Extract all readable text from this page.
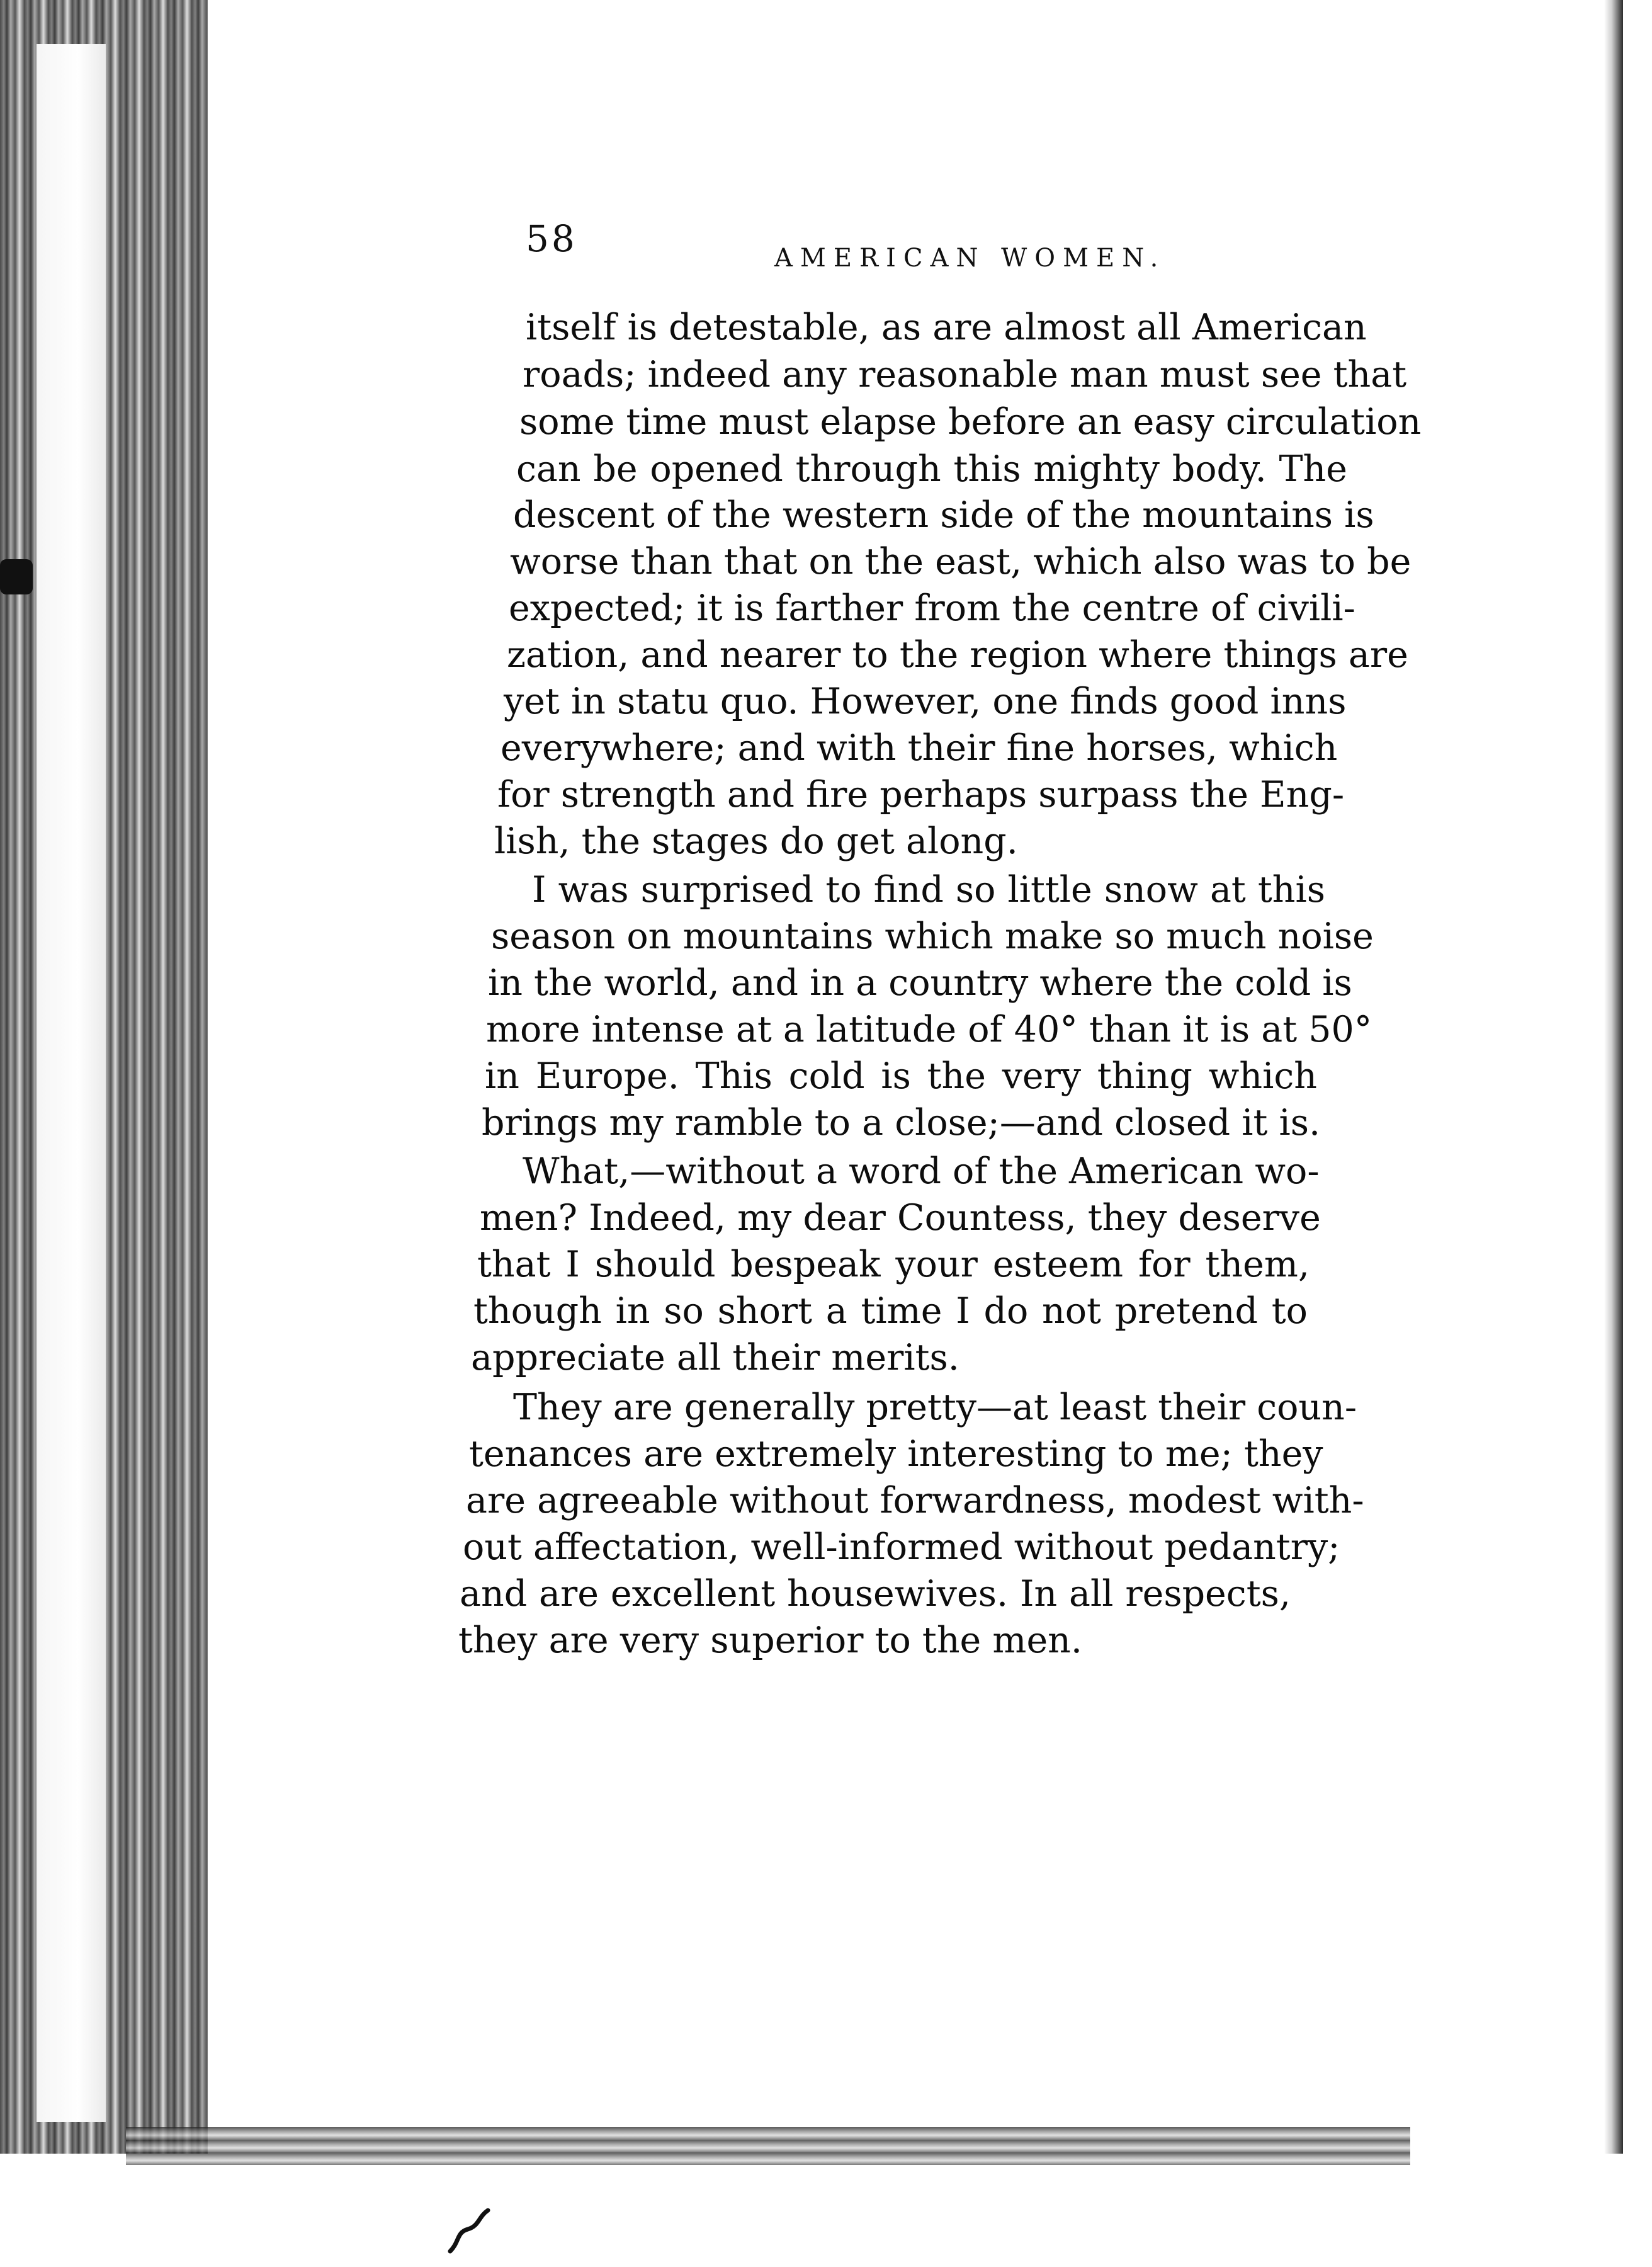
58	AMERICAN WOMEN.
itself is detestable, as are almost all American
roads; indeed any reasonable man must see that
some time must elapse before an easy circulation
can be opened through this mighty body. The
descent of the western side of the mountains is
worse than that on the east, which also was to be
expected; it is farther from the centre of civili-
zation, and nearer to the region where things are
yet in statu quo. However, one finds good inns
everywhere; and with their fine horses, which
for strength and fire perhaps surpass the Eng-
lish, the stages do get along.
I was surprised to find so little snow at this
season on mountains which make so much noise
in the world, and in a country where the cold is
more intense at a latitude of 40° than it is at 50°
in Europe. This cold is the very thing which
brings my ramble to a close;—and closed it is.
What,—without a word of the American wo-
men? Indeed, my dear Countess, they deserve
that I should bespeak your esteem for them,
though in so short a time I do not pretend to
appreciate all their merits.
They are generally pretty—at least their coun-
tenances are extremely interesting to me; they
are agreeable without forwardness, modest with-
out affectation, well-informed without pedantry;
and are excellent housewives. In all respects,
they are very superior to the men.
